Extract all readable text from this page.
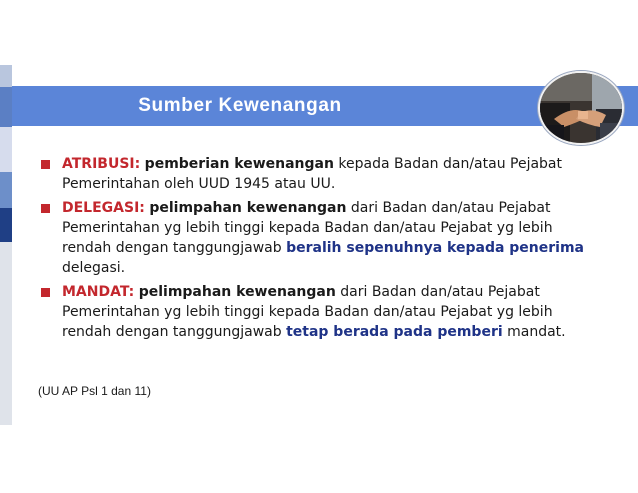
Sumber Kewenangan
ATRIBUSI: pemberian kewenangan kepada Badan dan/atau Pejabat Pemerintahan oleh UUD 1945 atau UU.
DELEGASI: pelimpahan kewenangan dari Badan dan/atau Pejabat Pemerintahan yg lebih tinggi kepada Badan dan/atau Pejabat yg lebih rendah dengan tanggungjawab beralih sepenuhnya kepada penerima delegasi.
MANDAT: pelimpahan kewenangan dari Badan dan/atau Pejabat Pemerintahan yg lebih tinggi kepada Badan dan/atau Pejabat yg lebih rendah dengan tanggungjawab tetap berada pada pemberi mandat.
(UU AP Psl 1 dan 11)
